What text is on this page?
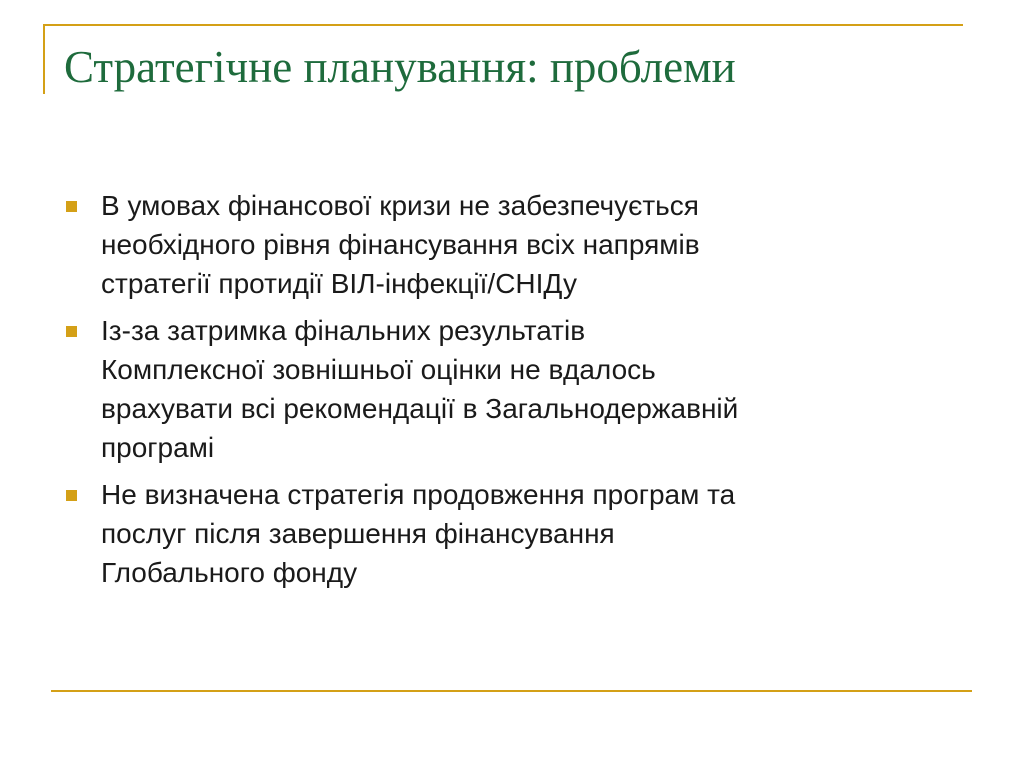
Стратегічне планування: проблеми
В умовах фінансової кризи не забезпечується
необхідного рівня фінансування всіх напрямів
стратегії протидії ВІЛ-інфекції/СНІДу
Із-за затримка фінальних результатів
Комплексної зовнішньої оцінки не вдалось
врахувати всі рекомендації в Загальнодержавній
програмі
Не визначена стратегія продовження програм та
послуг після завершення фінансування
Глобального фонду
